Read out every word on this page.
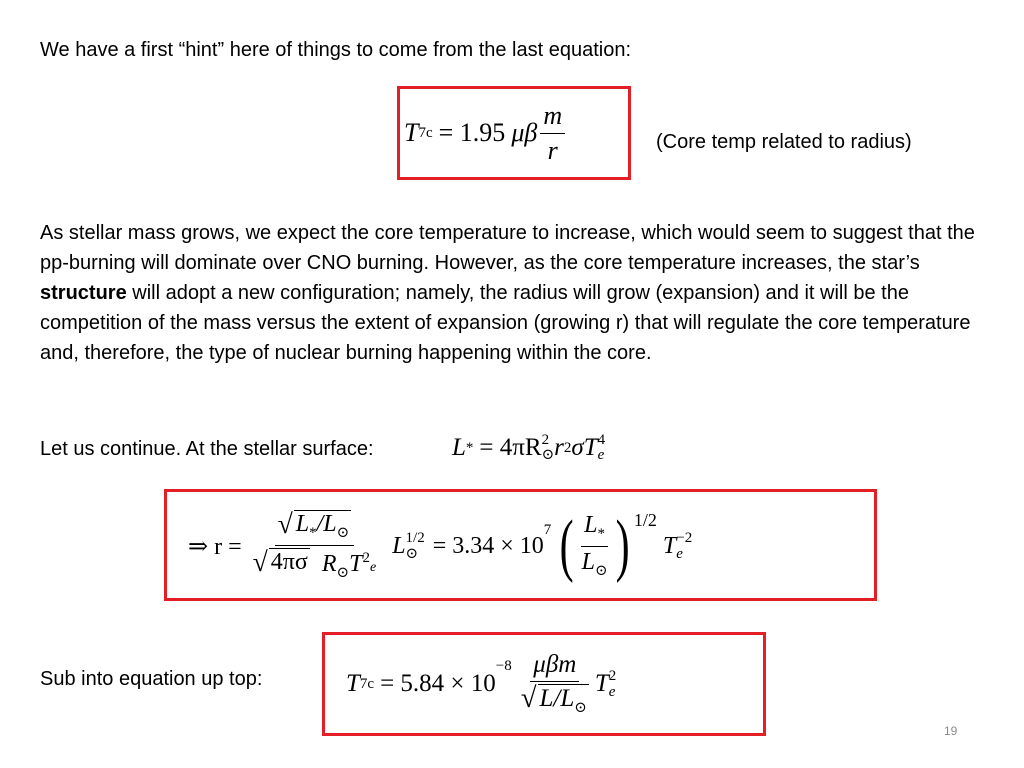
We have a first “hint” here of things to come from the last equation:

T 7c = 1.95 μ β $\frac{m}{r}$	(Core temp related to radius)

As stellar mass grows, we expect the core temperature to increase, which would seem to suggest that the pp-burning will dominate over CNO burning. However, as the core temperature increases, the star’s structure will adopt a new configuration; namely, the radius will grow (expansion) and it will be the competition of the mass versus the extent of expansion (growing r) that will regulate the core temperature and, therefore, the type of nuclear burning happening within the core.

Let us continue. At the stellar surface:	L * = 4πR 2
⊙ r 2 σT 4
e
⇒ $r = \frac{√ L_*/L_⊙}{√ 4\pi\sigma R_⊙T^2e}$ L 1/2
⊙ = 3.34 × 10
$^7$ ( $\frac{L_*}{L_⊙}$ ) 1/2
T −2
e

Sub into equation up top:	T 7c = 5.84 × 10
$^{-8} \frac{\text{μβm}}{√ L/L_⊙}$ T 2
e
19
